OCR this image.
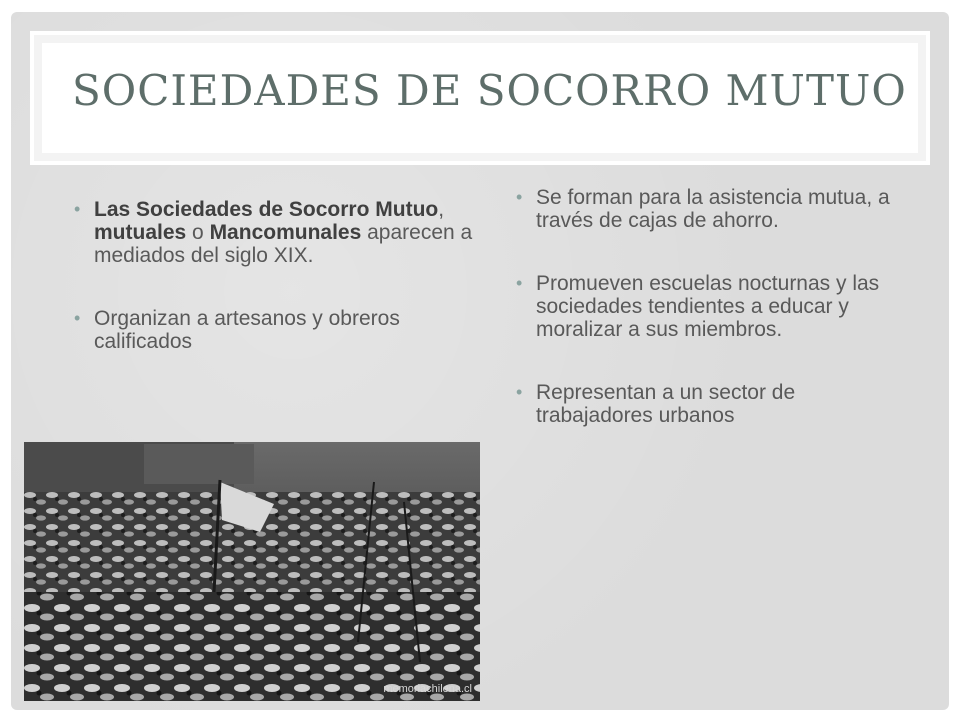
SOCIEDADES DE SOCORRO MUTUO
• Las Sociedades de Socorro Mutuo, mutuales o Mancomunales aparecen a mediados del siglo XIX.
• Organizan a artesanos y obreros calificados
• Se forman para la asistencia mutua, a través de cajas de ahorro.
• Promueven escuelas nocturnas y las sociedades tendientes a educar y moralizar a sus miembros.
• Representan a un sector de trabajadores urbanos
memoriachilena.cl
